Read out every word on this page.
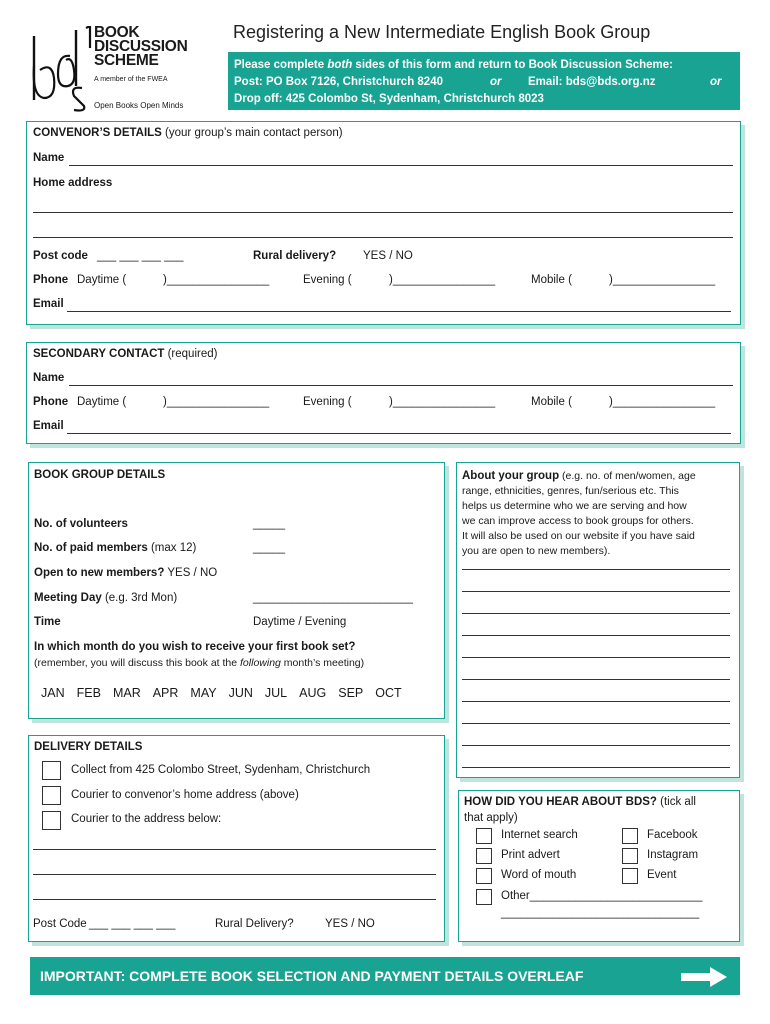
BOOK
DISCUSSION
SCHEME
A member of the FWEA
Open Books Open Minds
Registering a New Intermediate English Book Group
Please complete both sides of this form and return to Book Discussion Scheme:
Post: PO Box 7126, Christchurch 8240	or Email: bds@bds.org.nz	or
Drop off: 425 Colombo St, Sydenham, Christchurch 8023
CONVENOR’S DETAILS (your group’s main contact person)
Name
Home address
Post code ___ ___ ___ ___	Rural delivery? YES / NO
Phone Daytime (	)________________	Evening (	)________________	Mobile (	)________________
Email
SECONDARY CONTACT (required)
Name
Phone Daytime (	)________________	Evening (	)________________	Mobile (	)________________
Email
BOOK GROUP DETAILS
No. of volunteers	_____
No. of paid members (max 12)	_____
Open to new members? YES / NO
Meeting Day (e.g. 3rd Mon)	_________________________
Time	Daytime / Evening
In which month do you wish to receive your first book set?
(remember, you will discuss this book at the following month’s meeting)
JAN FEB MAR APR MAY JUN JUL AUG SEP OCT
About your group (e.g. no. of men/women, age
range, ethnicities, genres, fun/serious etc. This
helps us determine who we are serving and how
we can improve access to book groups for others.
It will also be used on our website if you have said
you are open to new members).
DELIVERY DETAILS
Collect from 425 Colombo Street, Sydenham, Christchurch
Courier to convenor’s home address (above)
Courier to the address below:
Post Code ___ ___ ___ ___	Rural Delivery?	YES / NO
HOW DID YOU HEAR ABOUT BDS? (tick all
that apply)
Internet search
Print advert
Word of mouth
Other___________________________
_______________________________
Facebook
Instagram
Event
IMPORTANT: COMPLETE BOOK SELECTION AND PAYMENT DETAILS OVERLEAF
